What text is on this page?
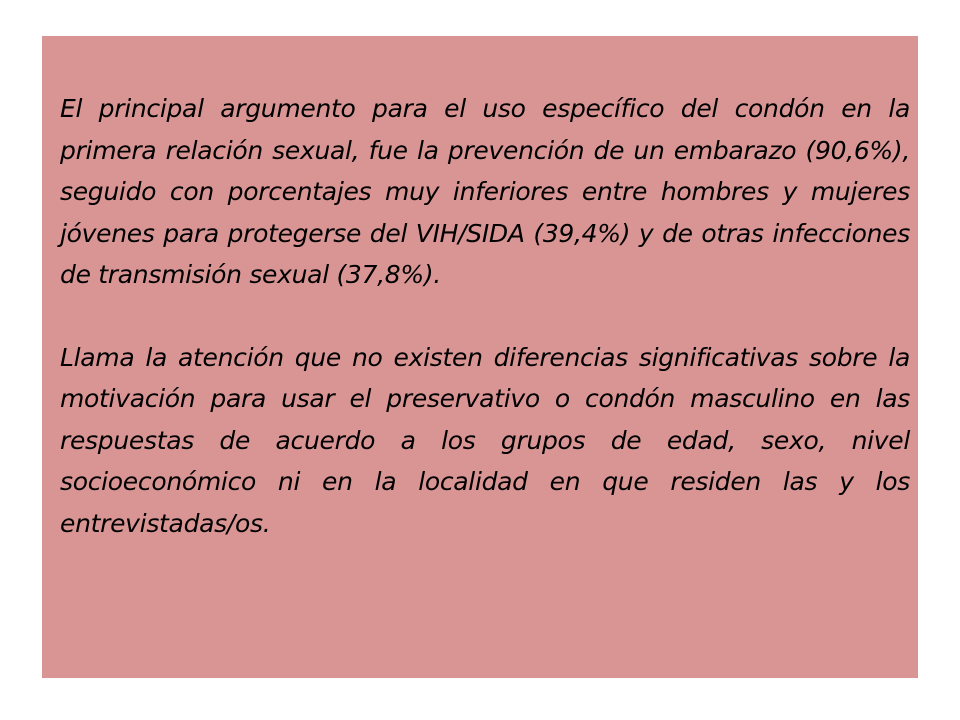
El principal argumento para el uso específico del condón en la primera relación sexual, fue la prevención de un embarazo (90,6%), seguido con porcentajes muy inferiores entre hombres y mujeres jóvenes para protegerse del VIH/SIDA (39,4%) y de otras infecciones de transmisión sexual (37,8%).

Llama la atención que no existen diferencias significativas sobre la motivación para usar el preservativo o condón masculino en las respuestas de acuerdo a los grupos de edad, sexo, nivel socioeconómico ni en la localidad en que residen las y los entrevistadas/os.
